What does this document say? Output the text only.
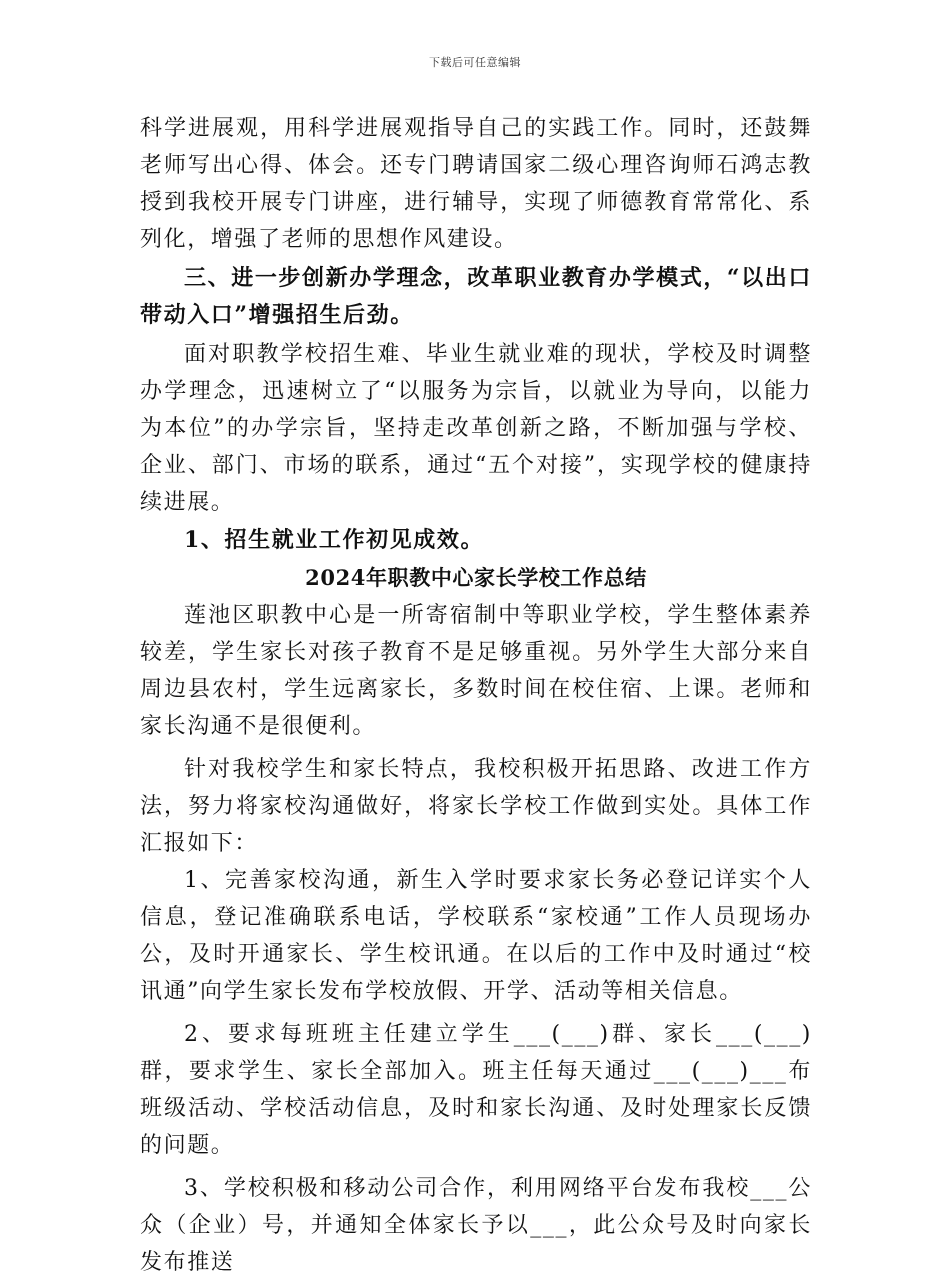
下载后可任意编辑

科学进展观，用科学进展观指导自己的实践工作。同时，还鼓舞老师写出心得、体会。还专门聘请国家二级心理咨询师石鸿志教授到我校开展专门讲座，进行辅导，实现了师德教育常常化、系列化，增强了老师的思想作风建设。

三、进一步创新办学理念，改革职业教育办学模式，“以出口带动入口”增强招生后劲。

面对职教学校招生难、毕业生就业难的现状，学校及时调整办学理念，迅速树立了“以服务为宗旨，以就业为导向，以能力为本位”的办学宗旨，坚持走改革创新之路，不断加强与学校、企业、部门、市场的联系，通过“五个对接”，实现学校的健康持续进展。

1、招生就业工作初见成效。

2024年职教中心家长学校工作总结

莲池区职教中心是一所寄宿制中等职业学校，学生整体素养较差，学生家长对孩子教育不是足够重视。另外学生大部分来自周边县农村，学生远离家长，多数时间在校住宿、上课。老师和家长沟通不是很便利。

针对我校学生和家长特点，我校积极开拓思路、改进工作方法，努力将家校沟通做好，将家长学校工作做到实处。具体工作汇报如下：

1、完善家校沟通，新生入学时要求家长务必登记详实个人信息，登记准确联系电话，学校联系“家校通”工作人员现场办公，及时开通家长、学生校讯通。在以后的工作中及时通过“校讯通”向学生家长发布学校放假、开学、活动等相关信息。

2、要求每班班主任建立学生___(___)群、家长___(___)群，要求学生、家长全部加入。班主任每天通过___(___)___布班级活动、学校活动信息，及时和家长沟通、及时处理家长反馈的问题。

3、学校积极和移动公司合作，利用网络平台发布我校___公众（企业）号，并通知全体家长予以___，此公众号及时向家长发布推送
